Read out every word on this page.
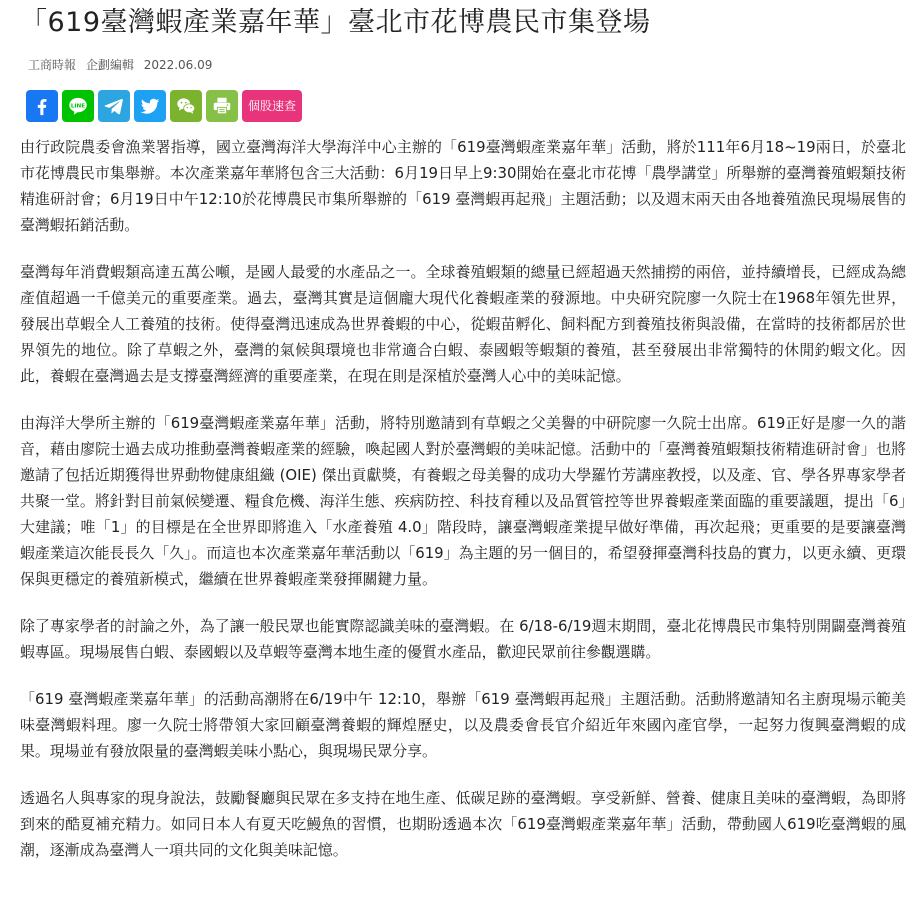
「619臺灣蝦產業嘉年華」臺北市花博農民市集登場
工商時報 企劃編輯 2022.06.09
LINE	個股速查

由行政院農委會漁業署指導，國立臺灣海洋大學海洋中心主辦的「619臺灣蝦產業嘉年華」活動，將於111年6月18~19兩日，於臺北市花博農民市集舉辦。本次產業嘉年華將包含三大活動：6月19日早上9:30開始在臺北市花博「農學講堂」所舉辦的臺灣養殖蝦類技術精進研討會；6月19日中午12:10於花博農民市集所舉辦的「619 臺灣蝦再起飛」主題活動；以及週末兩天由各地養殖漁民現場展售的臺灣蝦拓銷活動。

臺灣每年消費蝦類高達五萬公噸，是國人最愛的水產品之一。全球養殖蝦類的總量已經超過天然捕撈的兩倍，並持續增長，已經成為總產值超過一千億美元的重要產業。過去，臺灣其實是這個龐大現代化養蝦產業的發源地。中央研究院廖一久院士在1968年領先世界，發展出草蝦全人工養殖的技術。使得臺灣迅速成為世界養蝦的中心，從蝦苗孵化、飼料配方到養殖技術與設備，在當時的技術都居於世界領先的地位。除了草蝦之外，臺灣的氣候與環境也非常適合白蝦、泰國蝦等蝦類的養殖，甚至發展出非常獨特的休閒釣蝦文化。因此，養蝦在臺灣過去是支撐臺灣經濟的重要產業，在現在則是深植於臺灣人心中的美味記憶。

由海洋大學所主辦的「619臺灣蝦產業嘉年華」活動，將特別邀請到有草蝦之父美譽的中研院廖一久院士出席。619正好是廖一久的諧音，藉由廖院士過去成功推動臺灣養蝦產業的經驗，喚起國人對於臺灣蝦的美味記憶。活動中的「臺灣養殖蝦類技術精進研討會」也將邀請了包括近期獲得世界動物健康組織 (OIE) 傑出貢獻獎，有養蝦之母美譽的成功大學羅竹芳講座教授，以及產、官、學各界專家學者共聚一堂。將針對目前氣候變遷、糧食危機、海洋生態、疾病防控、科技育種以及品質管控等世界養蝦產業面臨的重要議題，提出「6」大建議；唯「1」的目標是在全世界即將進入「水產養殖 4.0」階段時，讓臺灣蝦產業提早做好準備，再次起飛；更重要的是要讓臺灣蝦產業這次能長長久「久」。而這也本次產業嘉年華活動以「619」為主題的另一個目的，希望發揮臺灣科技島的實力，以更永續、更環保與更穩定的養殖新模式，繼續在世界養蝦產業發揮關鍵力量。

除了專家學者的討論之外，為了讓一般民眾也能實際認識美味的臺灣蝦。在 6/18-6/19週末期間，臺北花博農民市集特別開闢臺灣養殖蝦專區。現場展售白蝦、泰國蝦以及草蝦等臺灣本地生產的優質水產品，歡迎民眾前往參觀選購。

「619 臺灣蝦產業嘉年華」的活動高潮將在6/19中午 12:10，舉辦「619 臺灣蝦再起飛」主題活動。活動將邀請知名主廚現場示範美味臺灣蝦料理。廖一久院士將帶領大家回顧臺灣養蝦的輝煌歷史，以及農委會長官介紹近年來國內產官學，一起努力復興臺灣蝦的成果。現場並有發放限量的臺灣蝦美味小點心，與現場民眾分享。

透過名人與專家的現身說法，鼓勵餐廳與民眾在多支持在地生產、低碳足跡的臺灣蝦。享受新鮮、營養、健康且美味的臺灣蝦，為即將到來的酷夏補充精力。如同日本人有夏天吃鰻魚的習慣，也期盼透過本次「619臺灣蝦產業嘉年華」活動，帶動國人619吃臺灣蝦的風潮，逐漸成為臺灣人一項共同的文化與美味記憶。
